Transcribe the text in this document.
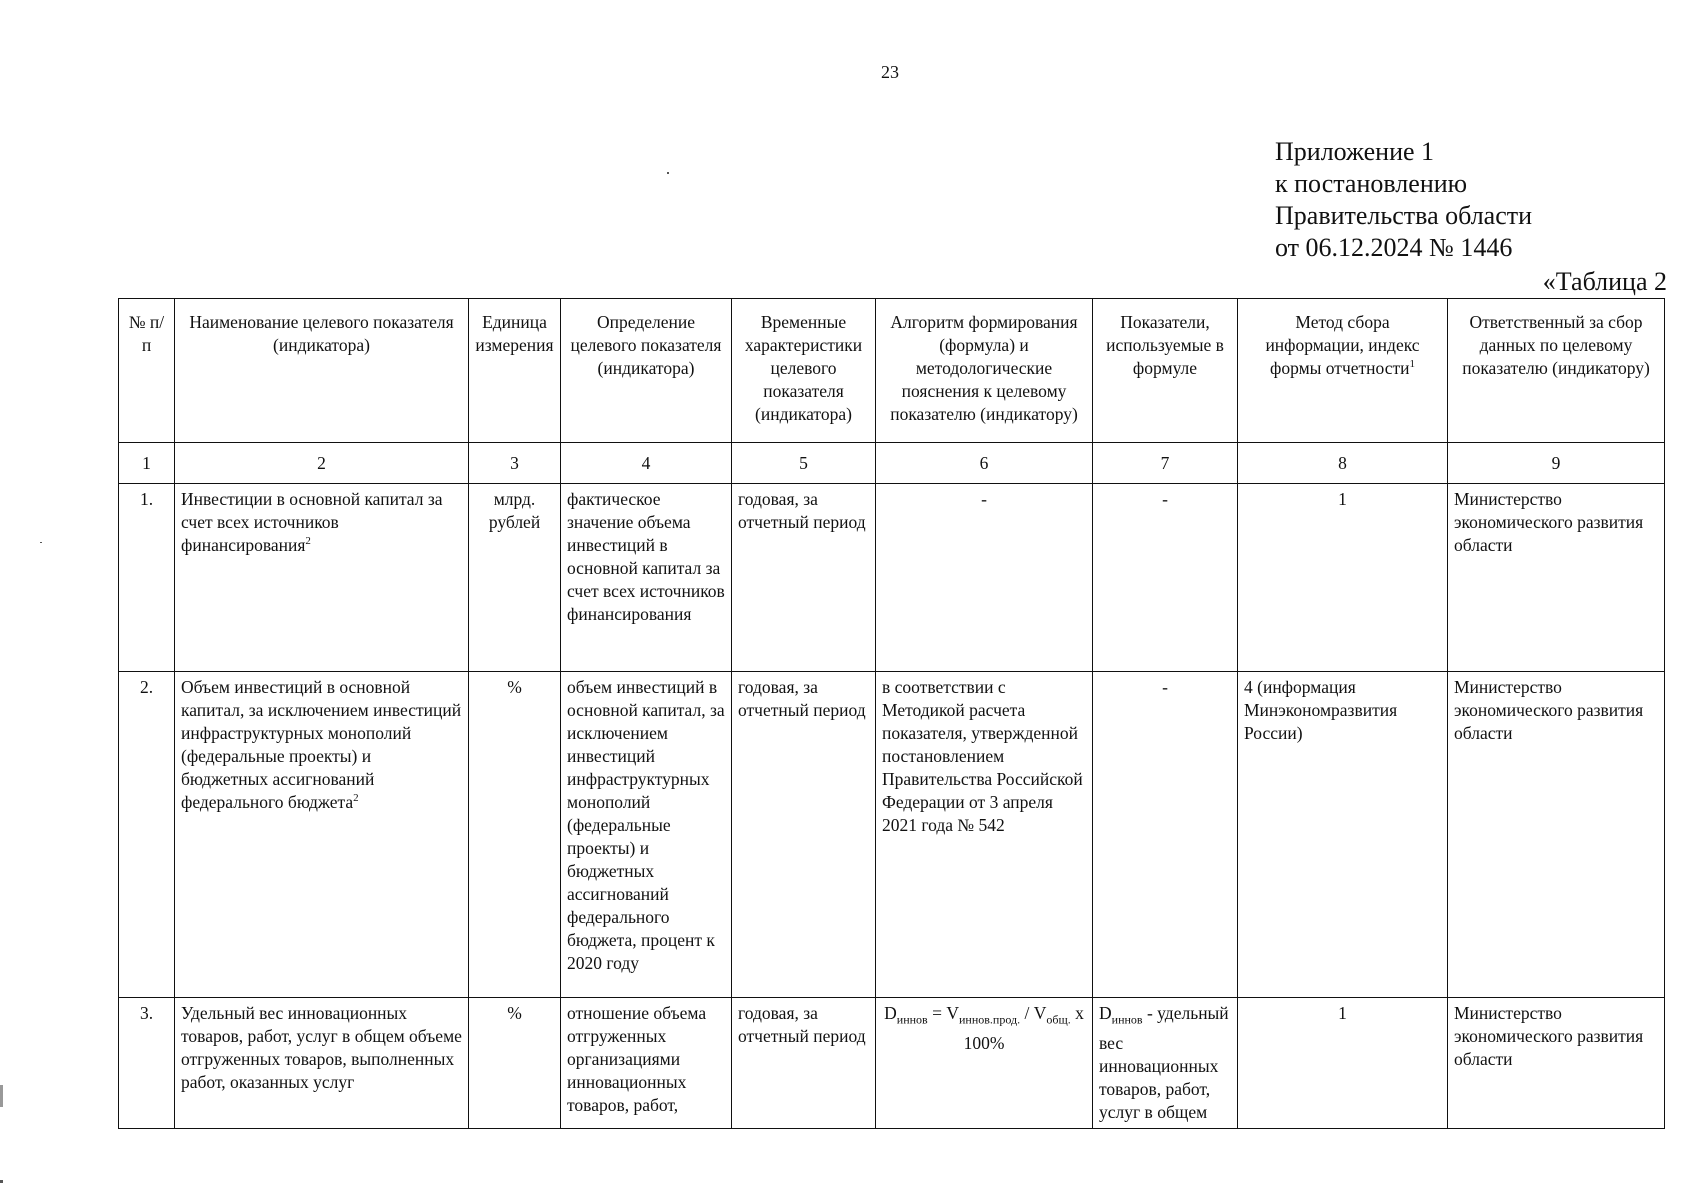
23
Приложение 1
к постановлению
Правительства области
от 06.12.2024 № 1446
«Таблица 2
№ п/п	Наименование целевого показателя (индикатора)	Единица измерения	Определение целевого показателя (индикатора)	Временные характеристики целевого показателя (индикатора)	Алгоритм формирования (формула) и методологические пояснения к целевому показателю (индикатору)	Показатели, используемые в формуле	Метод сбора информации, индекс формы отчетности$^1$	Ответственный за сбор данных по целевому показателю (индикатору)
1	2	3	4	5	6	7	8	9
1.	Инвестиции в основной капитал за счет всех источников финансирования$^2$	млрд. рублей	фактическое значение объема инвестиций в основной капитал за счет всех источников финансирования	годовая, за отчетный период	-	-	1	Министерство экономического развития области
2.	Объем инвестиций в основной капитал, за исключением инвестиций инфраструктурных монополий (федеральные проекты) и бюджетных ассигнований федерального бюджета$^2$	%	объем инвестиций в основной капитал, за исключением инвестиций инфраструктурных монополий (федеральные проекты) и бюджетных ассигнований федерального бюджета, процент к 2020 году	годовая, за отчетный период	в соответствии с Методикой расчета показателя, утвержденной постановлением Правительства Российской Федерации от 3 апреля 2021 года № 542	-	4 (информация Минэкономразвития России)	Министерство экономического развития области
3.	Удельный вес инновационных товаров, работ, услуг в общем объеме отгруженных товаров, выполненных работ, оказанных услуг	%	отношение объема отгруженных организациями инновационных товаров, работ,	годовая, за отчетный период	$D_{иннов} = V_{иннов.прод.} / V_{общ.}$ х 100%	$D_{иннов}$ - удельный вес инновационных товаров, работ, услуг в общем	1	Министерство экономического развития области
